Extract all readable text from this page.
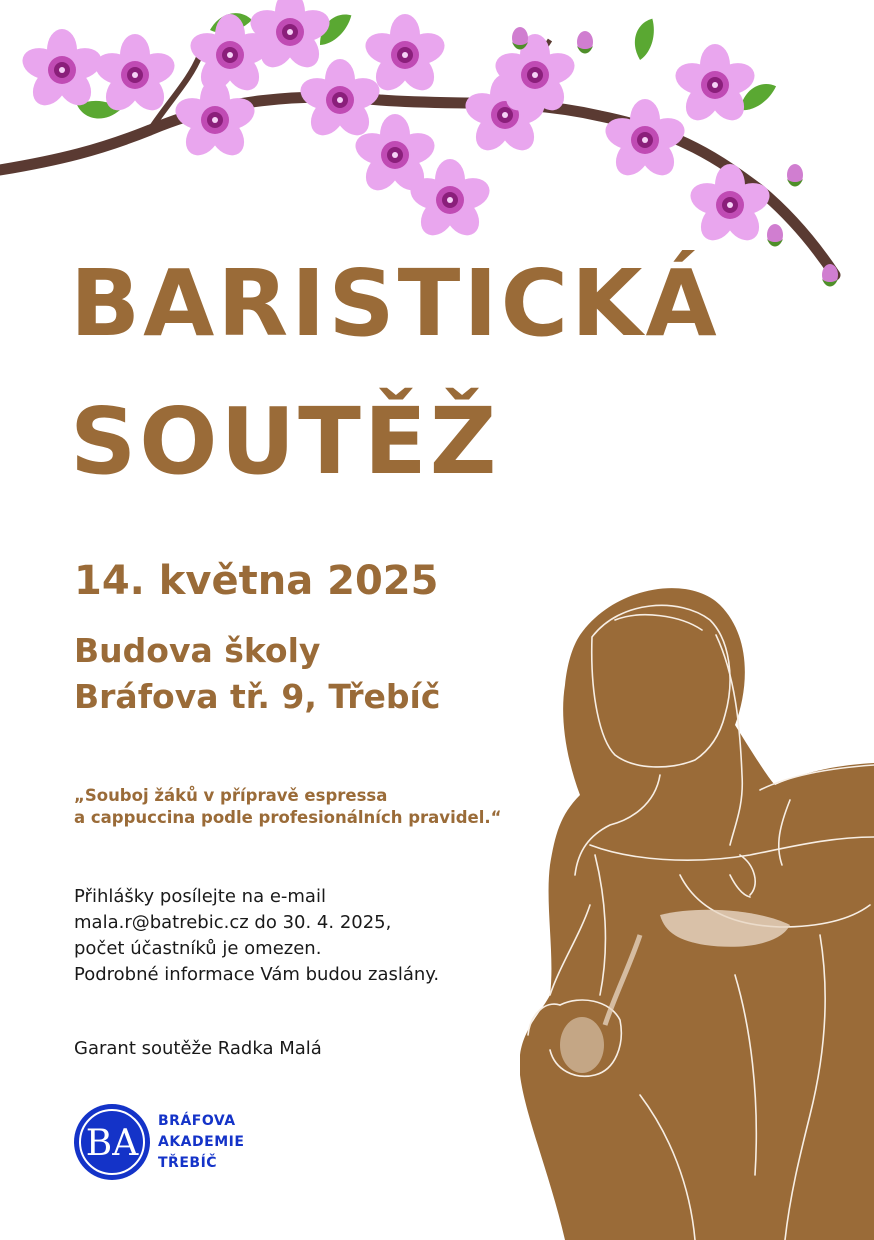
BARISTICKÁ
SOUTĚŽ
14. května 2025
Budova školy
Bráfova tř. 9, Třebíč
„Souboj žáků v přípravě espressa
a cappuccina podle profesionálních pravidel.“
Přihlášky posílejte na e-mail
mala.r@batrebic.cz do 30. 4. 2025,
počet účastníků je omezen.
Podrobné informace Vám budou zaslány.
Garant soutěže Radka Malá
BA
BRÁFOVA
AKADEMIE
TŘEBÍČ
